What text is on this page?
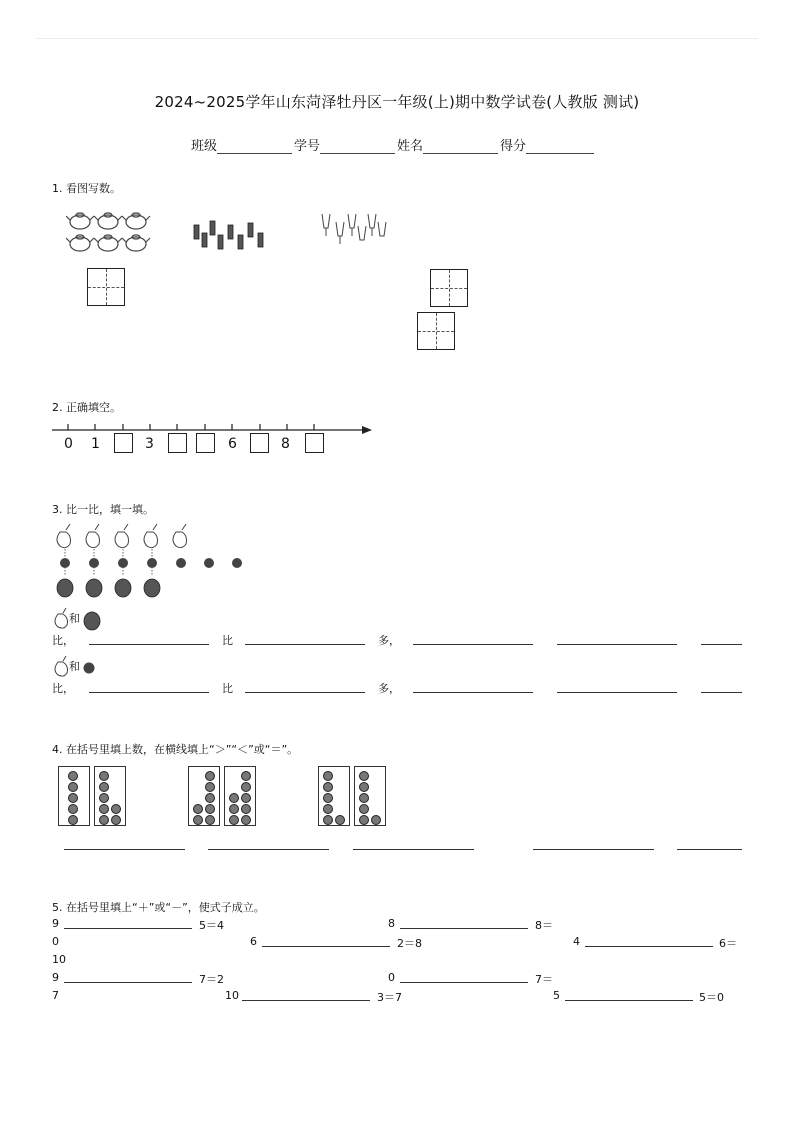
2024~2025学年山东菏泽牡丹区一年级(上)期中数学试卷(人教版 测试)
班级	学号	姓名	得分
1. 看图写数。
2. 正确填空。
0 1	3	6	8
3. 比一比，填一填。
和
比，	比	多，
和
比，	比	多，
4. 在括号里填上数，在横线填上“＞”“＜”或“＝”。
5. 在括号里填上“＋”或“－”，使式子成立。
9	5＝4	8	8＝
0	6	2＝8	4	6＝
10
9	7＝2	0	7＝
7	10	3＝7	5	5＝0
